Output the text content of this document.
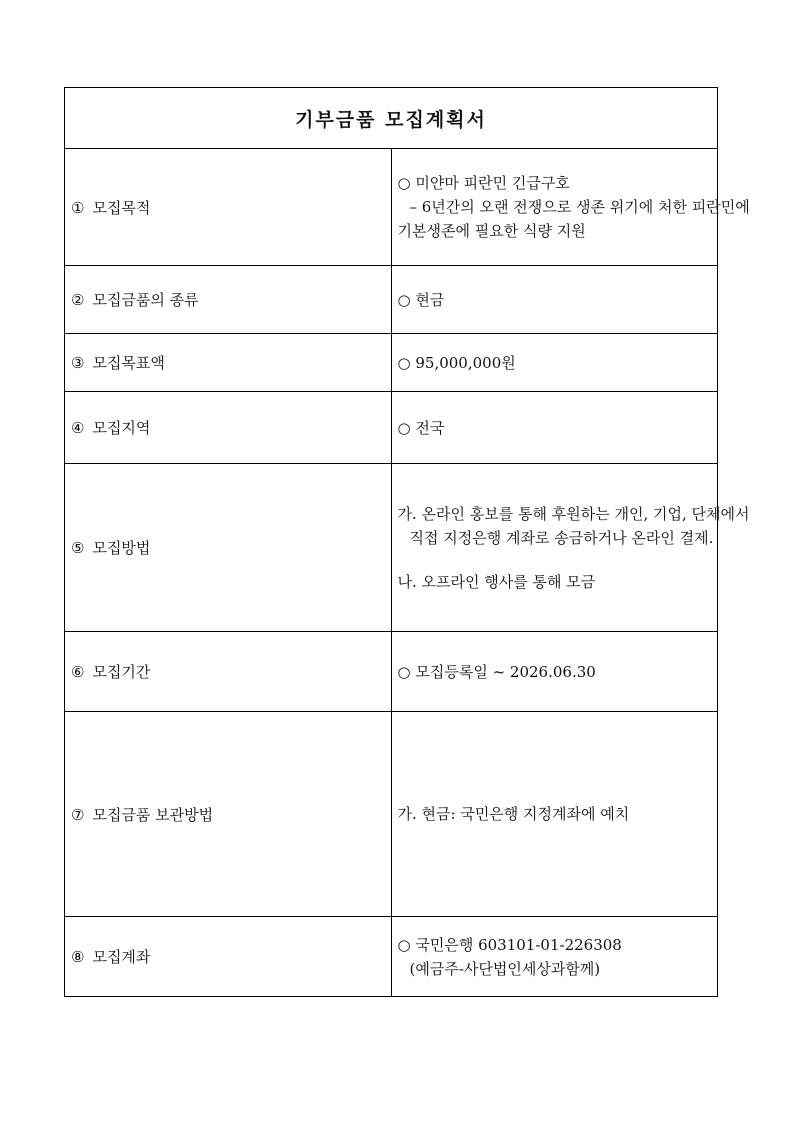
기부금품 모집계획서	
① 모집목적	○ 미얀마 피란민 긴급구호
– 6년간의 오랜 전쟁으로 생존 위기에 처한 피란민에
기본생존에 필요한 식량 지원

② 모집금품의 종류	○ 현금

③ 모집목표액	○ 95,000,000원

④ 모집지역	○ 전국

⑤ 모집방법	가. 온라인 홍보를 통해 후원하는 개인, 기업, 단체에서
직접 지정은행 계좌로 송금하거나 온라인 결제.
나. 오프라인 행사를 통해 모금

⑥ 모집기간	○ 모집등록일 ~ 2026.06.30

⑦ 모집금품 보관방법	가. 현금: 국민은행 지정계좌에 예치

⑧ 모집계좌	○ 국민은행 603101-01-226308
(예금주-사단법인세상과함께)
